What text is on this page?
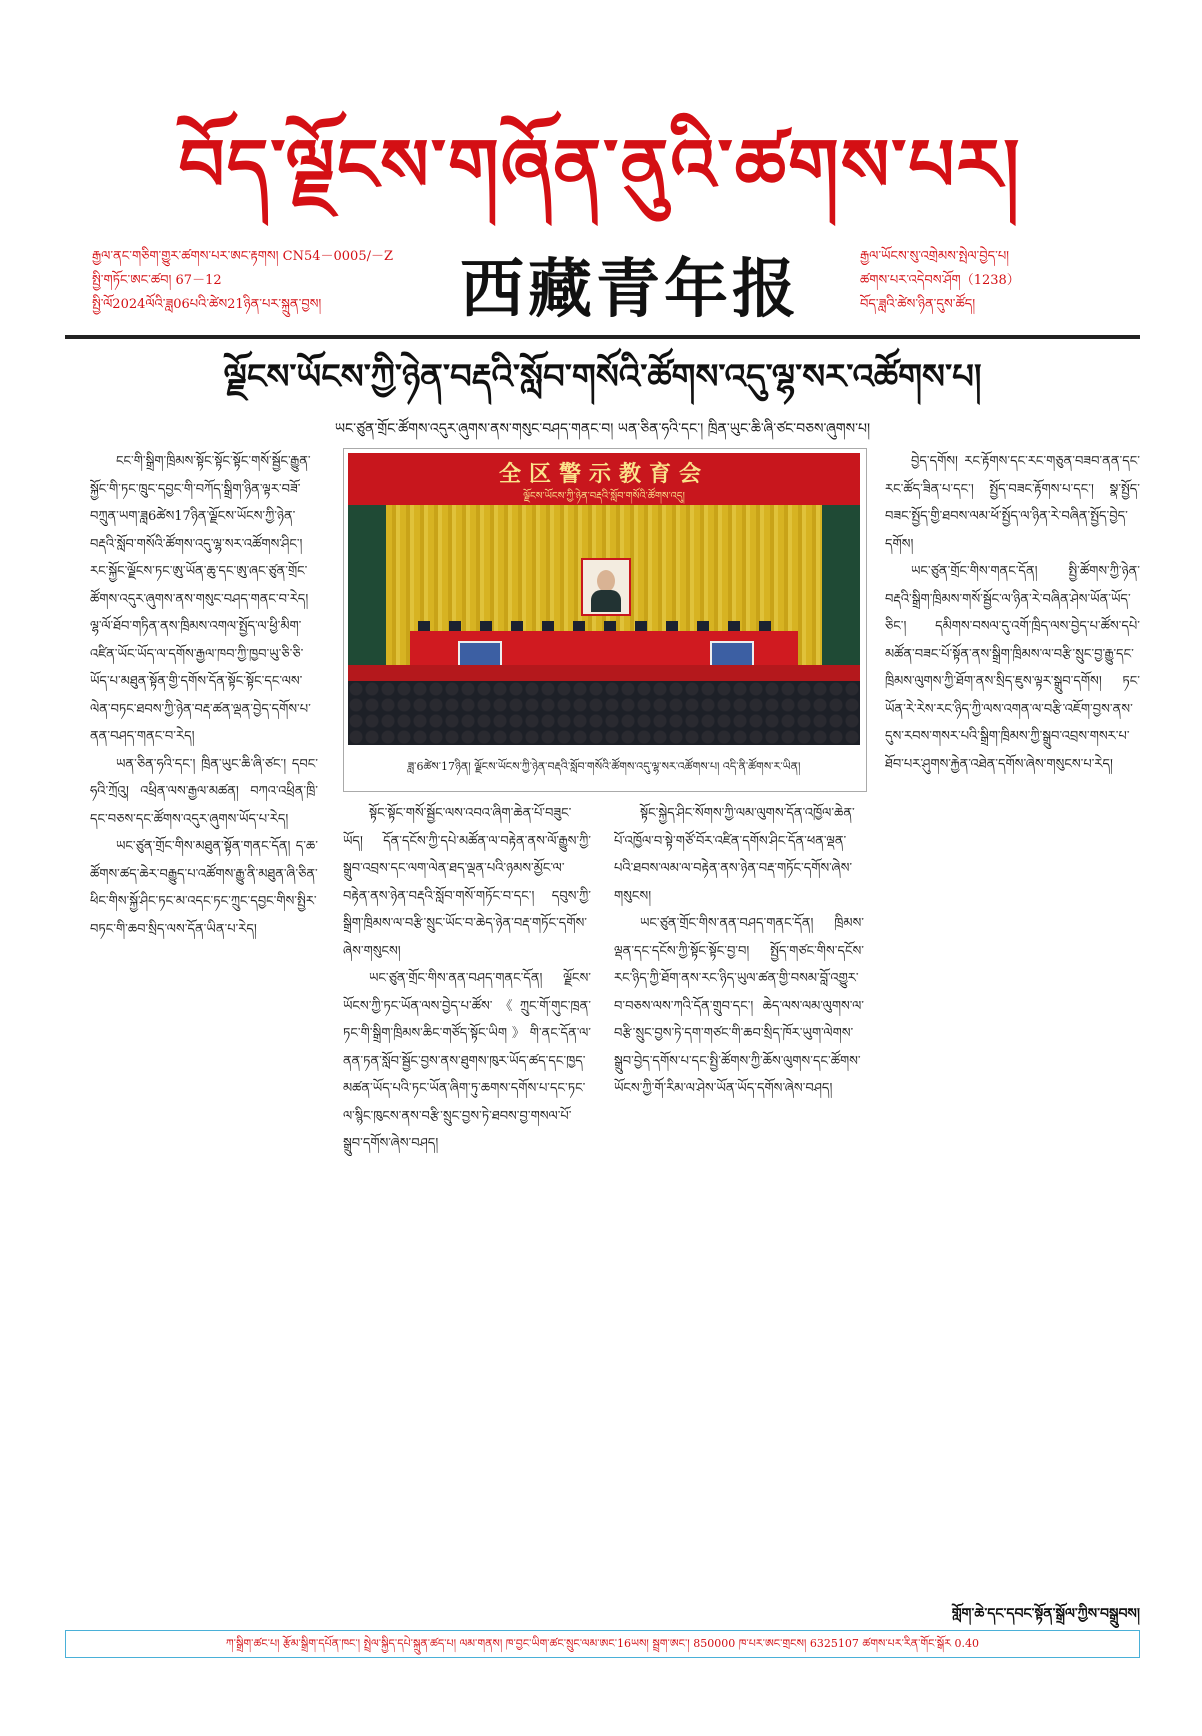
བོད་ལྗོངས་གཞོན་ནུའི་ཚགས་པར།
རྒྱལ་ནང་གཅིག་གྱུར་ཚགས་པར་ཨང་རྟགས། CN54－0005/－Z
སྤྱི་གཏོང་ཨང་ཚབ། 67－12
སྤྱི་ལོ2024ལོའི་ཟླ06པའི་ཚེས21ཉིན་པར་སྐྲུན་བྱས།	西藏青年报	རྒྱལ་ཡོངས་སུ་འགྲེམས་སྤེལ་བྱེད་པ།
ཚགས་པར་འདེབས་ཤོག（1238）
བོད་ཟླའི་ཚེས་ཉིན་དུས་ཚོད།
ལྗོངས་ཡོངས་ཀྱི་ཉེན་བརྡའི་སློབ་གསོའི་ཚོགས་འདུ་ལྷ་སར་འཚོགས་པ།
ཡང་ཙུན་གྲོང་ཚོགས་འདུར་ཞུགས་ནས་གསུང་བཤད་གནང་བ། ཡན་ཅིན་ཧའི་དང་། ཁྲིན་ཡུང་ཆི་ཞི་ཙང་བཅས་ཞུགས་པ།

ངང་གི་སྒྲིག་ཁྲིམས་སྟོང་སྟོང་སྟོང་གསོ་སྦྱོང་རྒྱུན་སྐྱོང་གི་ཏང་ཁྲུང་དབྱང་གི་བཀོད་སྒྲིག་ཉིན་ལྟར་བཟོ་བཀྲུན་ཡག་ཟླ6ཚེས17ཉིན་ལྗོངས་ཡོངས་ཀྱི་ཉེན་བརྡའི་སློབ་གསོའི་ཚོགས་འདུ་ལྷ་སར་འཚོགས་ཤིང༌། རང་སྐྱོང་ལྗོངས་ཏང་ཨུ་ཡོན་ཆུ་དང་ཨུ་ཞང་ཙུན་གྲོང་ཚོགས་འདུར་ཞུགས་ནས་གསུང་བཤད་གནང་བ་རེད། ལྷ་ལོ་ཐོབ་གཏིན་ནས་ཁྲིམས་འགལ་སྤྱོད་ལ་ཕྱི་མིག་འཛིན་ཡོང་ཡོད་ལ་དགོས་རྒྱལ་ཁབ་ཀྱི་ཁྱབ་ཡུ་ཅི་ཅི་ཡོད་པ་མཐུན་སྟོན་གྱི་དགོས་དོན་སྟོང་སྟོང་དང་ལས་ལེན་བཏང་ཐབས་ཀྱི་ཉེན་བརྡ་ཚན་ལྡན་བྱེད་དགོས་པ་ནན་བཤད་གནང་བ་རེད།

ཡན་ཅིན་ཧའི་དང་། ཁྲིན་ཡུང་ཆི་ཞི་ཙང་། དབང་ཧའི་ཀྲོའུ། འཕྲིན་ལས་རྒྱལ་མཚན། བཀའ་འཕྲིན་ཁྲི་དང་བཅས་དང་ཚོགས་འདུར་ཞུགས་ཡོད་པ་རེད།

ཡང་ཙུན་གྲོང་གིས་མཐུན་སྟོན་གནང་དོན། ད་ཆ་ཚོགས་ཚད་ཆེར་བརྒྱུད་པ་འཚོགས་རྒྱུ་ནི་མཐུན་ཞི་ཅིན་ཕིང་གིས་སྐྱོ་ཤིང་ཏང་མ་འདང་ཏང་ཀྲུང་དབྱང་གིས་སྤྱིར་བཏང་གི་ཆབ་སྲིད་ལས་དོན་ཡིན་པ་རེད།

全区警示教育会
ལྗོངས་ཡོངས་ཀྱི་ཉེན་བརྡའི་སློབ་གསོའི་ཚོགས་འདུ།
ཟླ་6ཚེས་17ཉིན། ལྗོངས་ཡོངས་ཀྱི་ཉེན་བརྡའི་སློབ་གསོའི་ཚོགས་འདུ་ལྷ་སར་འཚོགས་པ། འདི་ནི་ཚོགས་ར་ཡིན།

སྟོང་སྟོང་གསོ་སྦྱོང་ལས་འབའ་ཞིག་ཆེན་པོ་བཟུང་ཡོད། དོན་དངོས་ཀྱི་དཔེ་མཚོན་ལ་བརྟེན་ནས་ལོ་རྒྱུས་ཀྱི་སྒྲུབ་འབྲས་དང་ལག་ལེན་ཐད་ལྡན་པའི་ཉམས་མྱོང་ལ་བརྟེན་ནས་ཉེན་བརྡའི་སློབ་གསོ་གཏོང་བ་དང་། དབུས་ཀྱི་སྒྲིག་ཁྲིམས་ལ་བརྩི་སྲུང་ཡོང་བ་ཆེད་ཉེན་བརྡ་གཏོང་དགོས་ཞེས་གསུངས།

ཡང་ཙུན་གྲོང་གིས་ནན་བཤད་གནང་དོན། ལྗོངས་ཡོངས་ཀྱི་ཏང་ཡོན་ལས་བྱེད་པ་ཚོས་《ཀྲུང་གོ་གུང་ཁྲན་ཏང་གི་སྒྲིག་ཁྲིམས་ཆིང་གཙོད་སྟོང་ཡིག》གི་ནང་དོན་ལ་ནན་ཏན་སློབ་སྦྱོང་བྱས་ནས་ཐུགས་ཁུར་ཡོད་ཚད་དང་ཁྱད་མཚན་ཡོད་པའི་ཏང་ཡོན་ཞིག་ཏུ་ཆགས་དགོས་པ་དང་ཏང་ལ་སྙིང་ཁུངས་ནས་བརྩི་སྲུང་བྱས་ཏེ་ཐབས་བྱ་གསལ་པོ་སྒྲུབ་དགོས་ཞེས་བཤད།

སྟོང་སྐྱེད་ཤིང་སོགས་ཀྱི་ལམ་ལུགས་དོན་འཁྱོལ་ཆེན་པོ་འཁྱོལ་བ་སྟེ་གཙོ་བོར་འཛིན་དགོས་ཤིང་དོན་ཕན་ལྡན་པའི་ཐབས་ལམ་ལ་བརྟེན་ནས་ཉེན་བརྡ་གཏོང་དགོས་ཞེས་གསུངས།

ཡང་ཙུན་གྲོང་གིས་ནན་བཤད་གནང་དོན། ཁྲིམས་ལྡན་དང་དངོས་ཀྱི་སྟོང་སྟོང་བྱ་བ། སྤྱོད་གཙང་གིས་དངོས་རང་ཉིད་ཀྱི་ཐོག་ནས་རང་ཉིད་ཡུལ་ཚན་གྱི་བསམ་བློ་འགྱུར་བ་བཅས་ལས་ཀའི་དོན་གྲུབ་དང་། ཆེད་ལས་ལམ་ལུགས་ལ་བརྩི་སྲུང་བྱས་ཏེ་དག་གཙང་གི་ཆབ་སྲིད་ཁོར་ཡུག་ལེགས་སྒྲུབ་བྱེད་དགོས་པ་དང་སྤྱི་ཚོགས་ཀྱི་ཆོས་ལུགས་དང་ཚོགས་ཡོངས་ཀྱི་གོ་རིམ་ལ་ཤེས་ཡོན་ཡོད་དགོས་ཞེས་བཤད།

བྱེད་དགོས། རང་རྟོགས་དང་རང་གཅུན་བཟབ་ནན་དང་རང་ཚོད་ཟིན་པ་དང་། སྤྱོད་བཟང་རྟོགས་པ་དང་། སྣ་སྤྱོད་བཟང་སྤྱོད་གྱི་ཐབས་ལམ་ཕོ་སྤྱོད་ལ་ཉིན་རེ་བཞིན་སྤྱོད་བྱེད་དགོས།

ཡང་ཙུན་གྲོང་གིས་གནང་དོན། སྤྱི་ཚོགས་ཀྱི་ཉེན་བརྡའི་སྒྲིག་ཁྲིམས་གསོ་སྦྱོང་ལ་ཉིན་རེ་བཞིན་ཤེས་ཡོན་ཡོད་ཅིང་། དམིགས་བསལ་དུ་འགོ་ཁྲིད་ལས་བྱེད་པ་ཚོས་དཔེ་མཚོན་བཟང་པོ་སྟོན་ནས་སྒྲིག་ཁྲིམས་ལ་བརྩི་སྲུང་བྱ་རྒྱུ་དང་ཁྲིམས་ལུགས་ཀྱི་ཐོག་ནས་སྲིད་ཇུས་ལྟར་སྒྲུབ་དགོས། ཏང་ཡོན་རེ་རེས་རང་ཉིད་ཀྱི་ལས་འགན་ལ་བརྩི་འཇོག་བྱས་ནས་དུས་རབས་གསར་པའི་སྒྲིག་ཁྲིམས་ཀྱི་སྒྲུབ་འབྲས་གསར་པ་ཐོབ་པར་ཤུགས་རྐྱེན་འཐེན་དགོས་ཞེས་གསུངས་པ་རེད།

གློག་ཆེ་དང་དབང་སྟོན་སྒྲོལ་ཀྱིས་བསྒྲུབས།
ཀ་སྒྲིག་ཚང་པ། རྩོམ་སྒྲིག་དཔོན་ཁང་། སྤྲེལ་སྐྱིད་དཔེ་སྐྲུན་ཚད་པ། ལམ་གནས། ཁ་བྱང་ཡིག་ཚང་སྲུང་ལམ་ཨང་16ཡས། སྦྲག་ཨང་། 850000 ཁ་པར་ཨང་གྲངས། 6325107 ཚགས་པར་རིན་གོང་སྒོར 0.40
